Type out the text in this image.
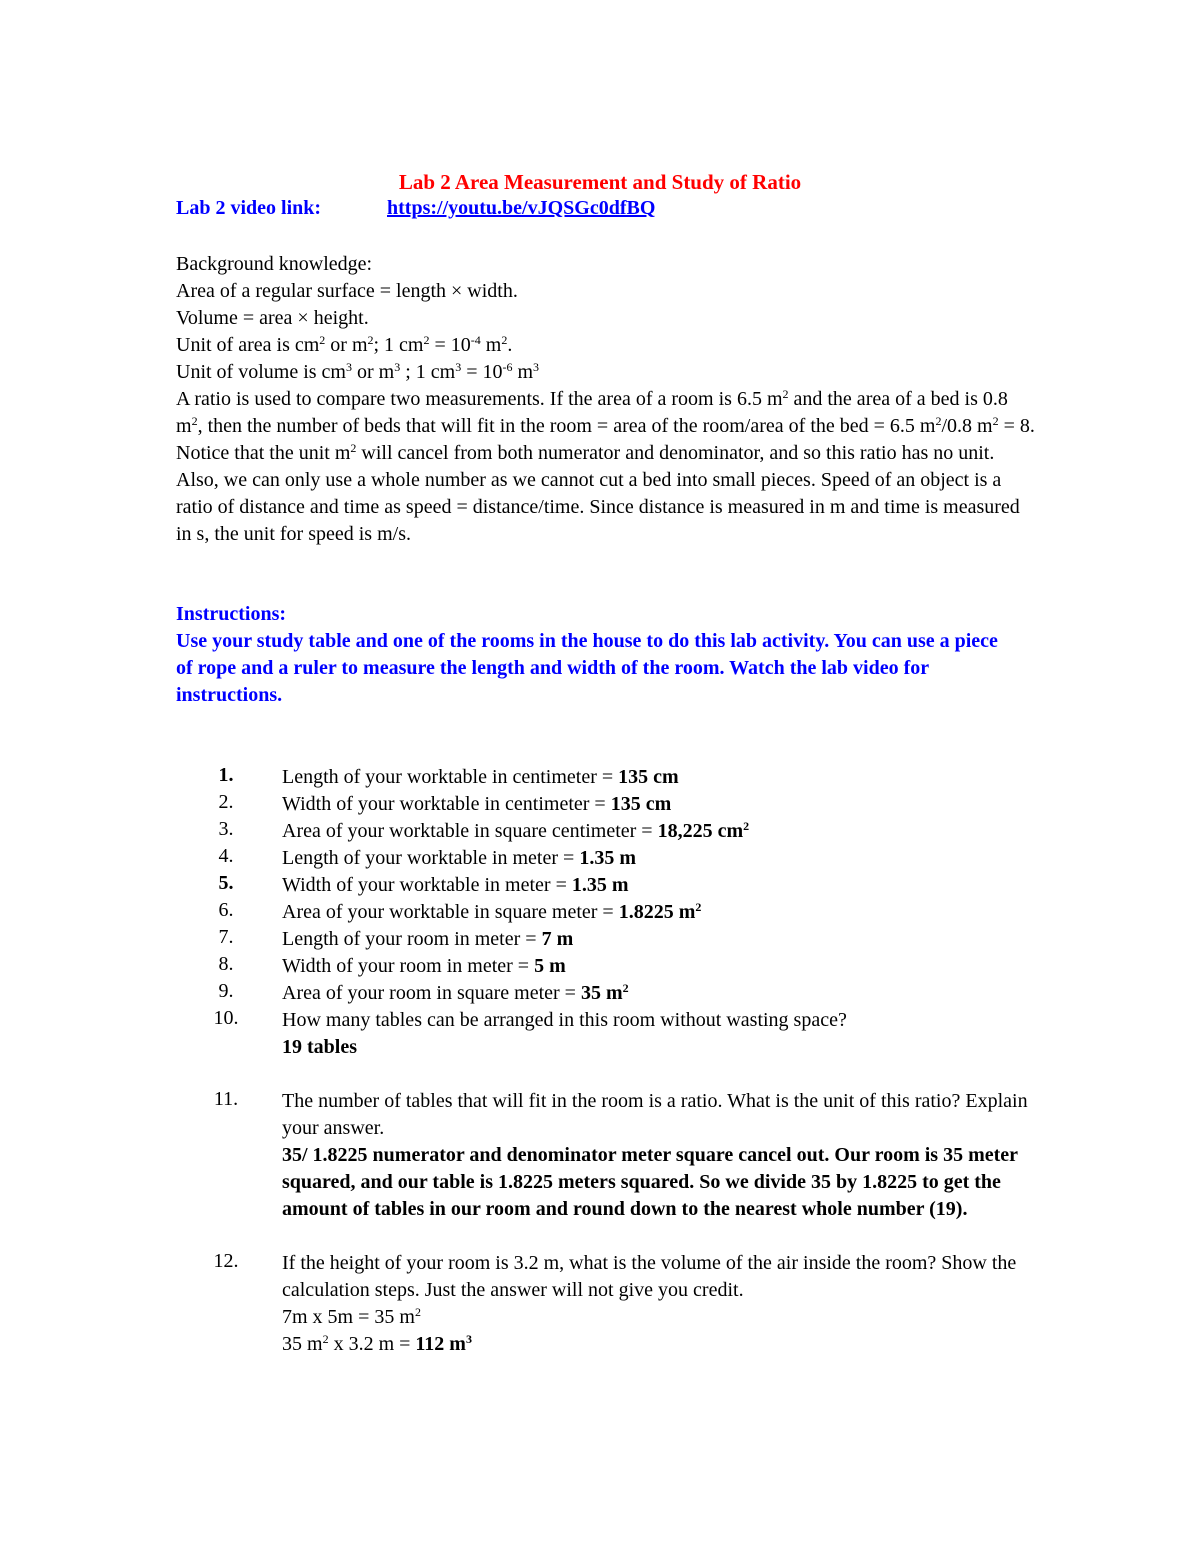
Lab 2 Area Measurement and Study of Ratio
Lab 2 video link:	https://youtu.be/vJQSGc0dfBQ
Background knowledge:
Area of a regular surface = length × width.
Volume = area × height.
Unit of area is $cm^2$ or $m^2$; 1 $cm^2 = 10^{-4}$ $m^2$.
Unit of volume is $cm^3$ or $m^3$ ; 1 $cm^3 = 10^{-6}$ $m^3$
A ratio is used to compare two measurements. If the area of a room is 6.5 $m^2$ and the area of a bed is 0.8 $m^2$, then the number of beds that will fit in the room = area of the room/area of the bed = 6.5 $m^2/0.8$ $m^2 = 8$. Notice that the unit $m^2$ will cancel from both numerator and denominator, and so this ratio has no unit. Also, we can only use a whole number as we cannot cut a bed into small pieces. Speed of an object is a ratio of distance and time as speed = distance/time. Since distance is measured in m and time is measured in s, the unit for speed is m/s.
Instructions:
Use your study table and one of the rooms in the house to do this lab activity. You can use a piece of rope and a ruler to measure the length and width of the room. Watch the lab video for instructions.
1.	Length of your worktable in centimeter = 135 cm
2.	Width of your worktable in centimeter = 135 cm
3.	Area of your worktable in square centimeter = 18,225 $cm^2$
4.	Length of your worktable in meter = 1.35 m
5.	Width of your worktable in meter = 1.35 m
6.	Area of your worktable in square meter = 1.8225 $m^2$
7.	Length of your room in meter = 7 m
8.	Width of your room in meter = 5 m
9.	Area of your room in square meter = 35 $m^2$
10.	How many tables can be arranged in this room without wasting space?
19 tables
11.	The number of tables that will fit in the room is a ratio. What is the unit of this ratio? Explain your answer.
35/ 1.8225 numerator and denominator meter square cancel out. Our room is 35 meter squared, and our table is 1.8225 meters squared. So we divide 35 by 1.8225 to get the amount of tables in our room and round down to the nearest whole number (19).
12.	If the height of your room is 3.2 m, what is the volume of the air inside the room? Show the calculation steps. Just the answer will not give you credit.
7m x 5m = 35 $m^2$
35 $m^2$ x 3.2 m = 112 $m^3$
